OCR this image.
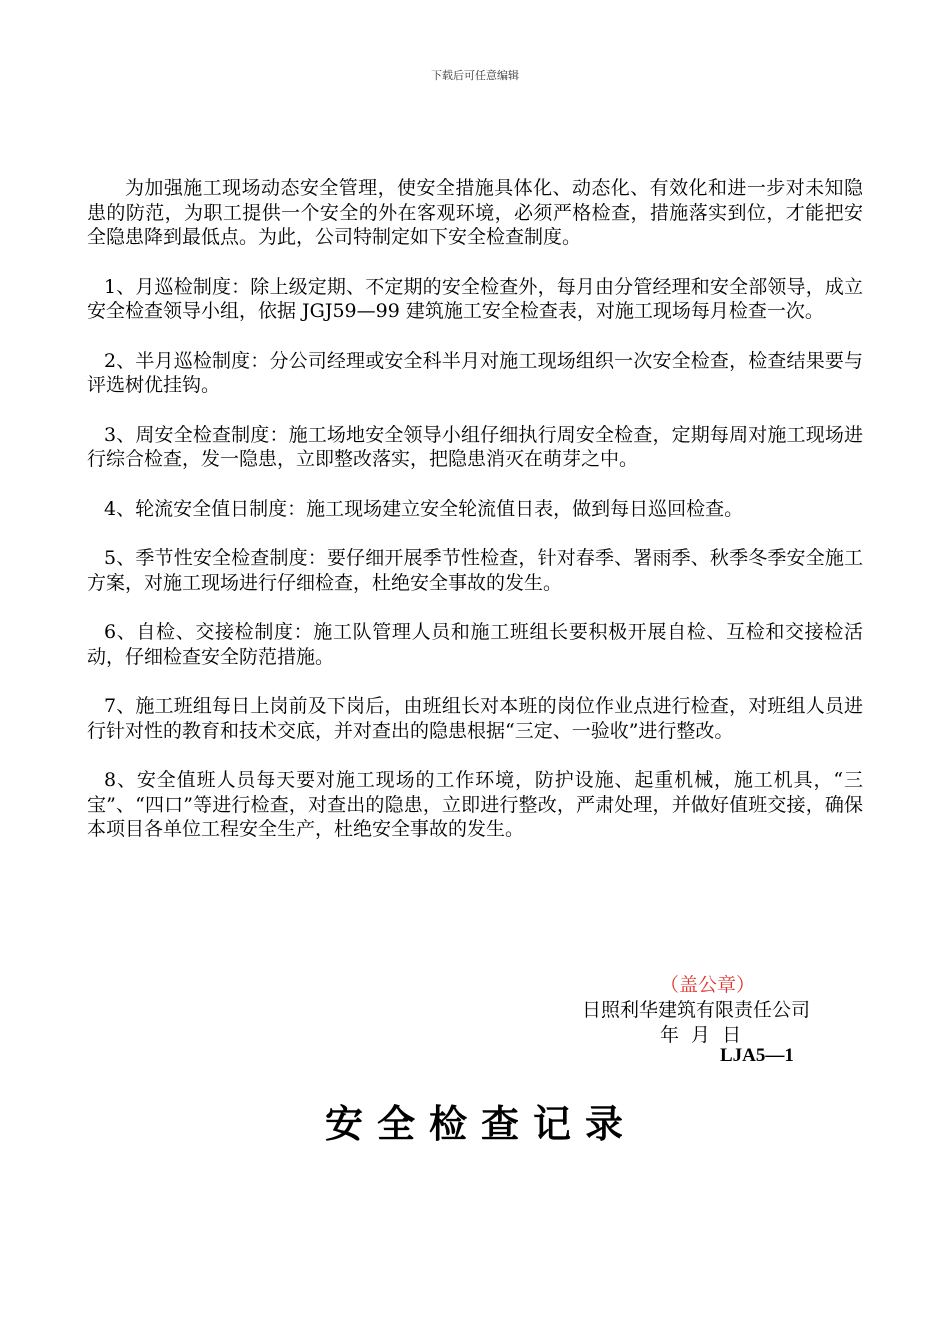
下载后可任意编辑

为加强施工现场动态安全管理，使安全措施具体化、动态化、有效化和进一步对未知隐患的防范，为职工提供一个安全的外在客观环境，必须严格检查，措施落实到位，才能把安全隐患降到最低点。为此，公司特制定如下安全检查制度。

1、月巡检制度：除上级定期、不定期的安全检查外，每月由分管经理和安全部领导，成立安全检查领导小组，依据 JGJ59—99 建筑施工安全检查表，对施工现场每月检查一次。

2、半月巡检制度：分公司经理或安全科半月对施工现场组织一次安全检查，检查结果要与评选树优挂钩。

3、周安全检查制度：施工场地安全领导小组仔细执行周安全检查，定期每周对施工现场进行综合检查，发一隐患，立即整改落实，把隐患消灭在萌芽之中。

4、轮流安全值日制度：施工现场建立安全轮流值日表，做到每日巡回检查。

5、季节性安全检查制度：要仔细开展季节性检查，针对春季、署雨季、秋季冬季安全施工方案，对施工现场进行仔细检查，杜绝安全事故的发生。

6、自检、交接检制度：施工队管理人员和施工班组长要积极开展自检、互检和交接检活动，仔细检查安全防范措施。

7、施工班组每日上岗前及下岗后，由班组长对本班的岗位作业点进行检查，对班组人员进行针对性的教育和技术交底，并对查出的隐患根据“三定、一验收”进行整改。

8、安全值班人员每天要对施工现场的工作环境，防护设施、起重机械，施工机具，“三宝”、“四口”等进行检查，对查出的隐患，立即进行整改，严肃处理，并做好值班交接，确保本项目各单位工程安全生产，杜绝安全事故的发生。

（盖公章）
日照利华建筑有限责任公司
年 月 日
LJA5—1
安全检查记录
